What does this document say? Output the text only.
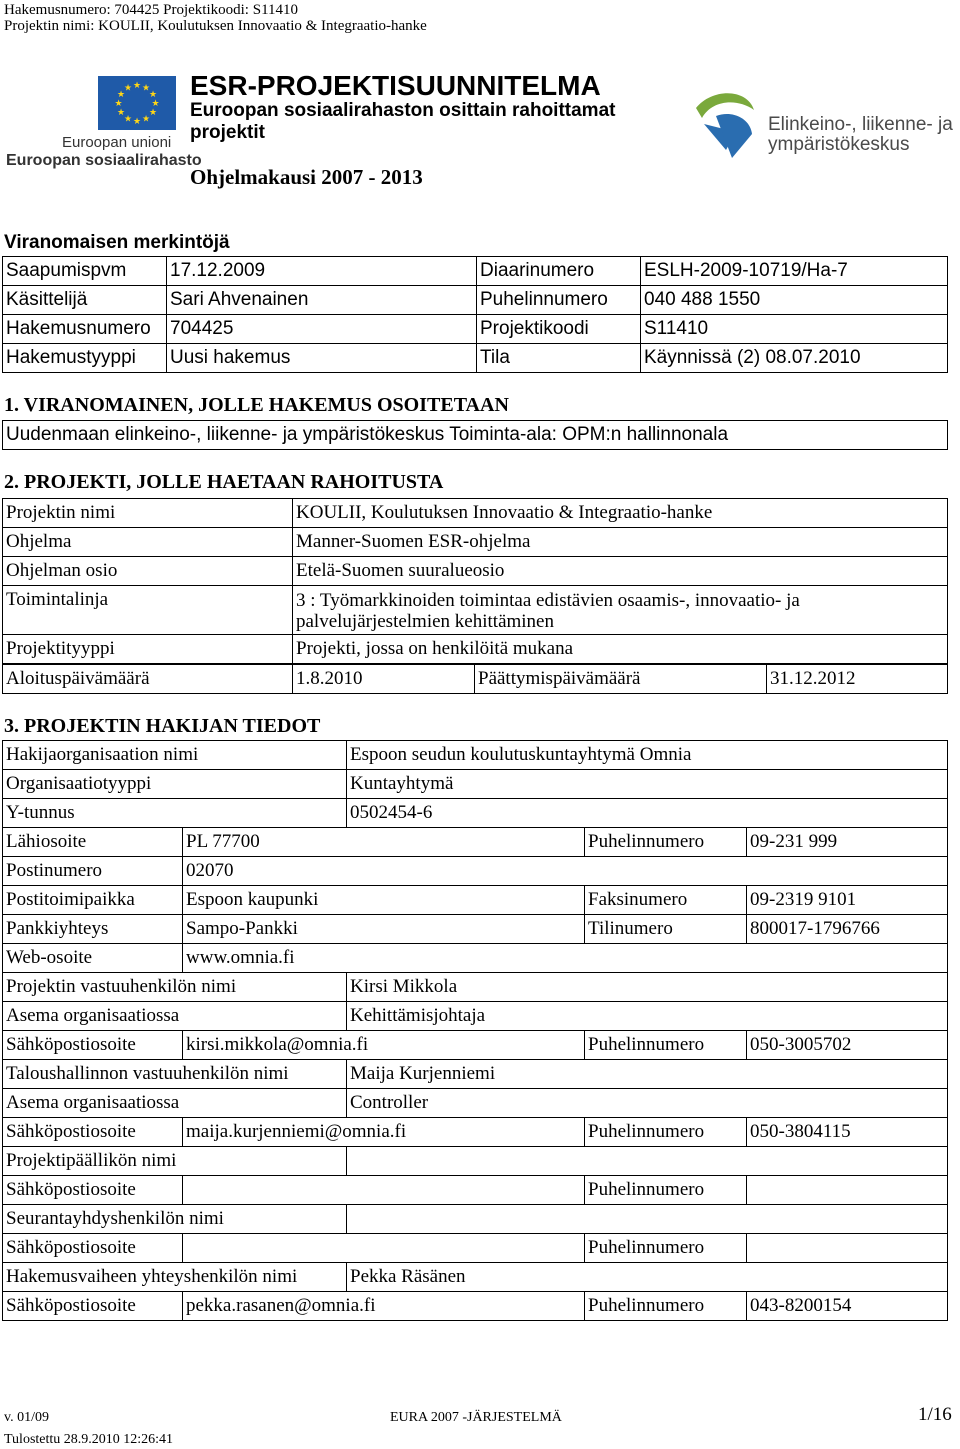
Hakemusnumero: 704425 Projektikoodi: S11410
Projektin nimi: KOULII, Koulutuksen Innovaatio & Integraatio-hanke
★ ★
★
★
★
★
★
★
★
★
★
★
Euroopan unioni
Euroopan sosiaalirahasto
ESR-PROJEKTISUUNNITELMA
Euroopan sosiaalirahaston osittain rahoittamat
projektit
Ohjelmakausi 2007 - 2013
Elinkeino-, liikenne- ja
ympäristökeskus
Viranomaisen merkintöjä
Saapumispvm	17.12.2009	Diaarinumero	ESLH-2009-10719/Ha-7
Käsittelijä	Sari Ahvenainen	Puhelinnumero	040 488 1550
Hakemusnumero	704425	Projektikoodi	S11410
Hakemustyyppi	Uusi hakemus	Tila	Käynnissä (2) 08.07.2010
1. VIRANOMAINEN, JOLLE HAKEMUS OSOITETAAN
Uudenmaan elinkeino-, liikenne- ja ympäristökeskus Toiminta-ala: OPM:n hallinnonala
2. PROJEKTI, JOLLE HAETAAN RAHOITUSTA
Projektin nimi	KOULII, Koulutuksen Innovaatio & Integraatio-hanke
Ohjelma	Manner-Suomen ESR-ohjelma
Ohjelman osio	Etelä-Suomen suuralueosio
Toimintalinja	3 : Työmarkkinoiden toimintaa edistävien osaamis-, innovaatio- ja
palvelujärjestelmien kehittäminen

Projektityyppi	Projekti, jossa on henkilöitä mukana
Aloituspäivämäärä	1.8.2010	Päättymispäivämäärä	31.12.2012
3. PROJEKTIN HAKIJAN TIEDOT
Hakijaorganisaation nimi	Espoon seudun koulutuskuntayhtymä Omnia
Organisaatiotyyppi	Kuntayhtymä
Y-tunnus	0502454-6
Lähiosoite	PL 77700	Puhelinnumero	09-231 999
Postinumero	02070		
Postitoimipaikka	Espoon kaupunki	Faksinumero	09-2319 9101
Pankkiyhteys	Sampo-Pankki	Tilinumero	800017-1796766
Web-osoite	www.omnia.fi		
Projektin vastuuhenkilön nimi		Kirsi Mikkola		
Asema organisaatiossa		Kehittämisjohtaja		
Sähköpostiosoite	kirsi.mikkola@omnia.fi		Puhelinnumero	050-3005702
Taloushallinnon vastuuhenkilön nimi		Maija Kurjenniemi		
Asema organisaatiossa		Controller		
Sähköpostiosoite	maija.kurjenniemi@omnia.fi		Puhelinnumero	050-3804115
Projektipäällikön nimi				
Sähköpostiosoite			Puhelinnumero	
Seurantayhdyshenkilön nimi				
Sähköpostiosoite			Puhelinnumero	
Hakemusvaiheen yhteyshenkilön nimi		Pekka Räsänen		
Sähköpostiosoite	pekka.rasanen@omnia.fi		Puhelinnumero	043-8200154
v. 01/09	EURA 2007 -JÄRJESTELMÄ	1/16
Tulostettu 28.9.2010 12:26:41
